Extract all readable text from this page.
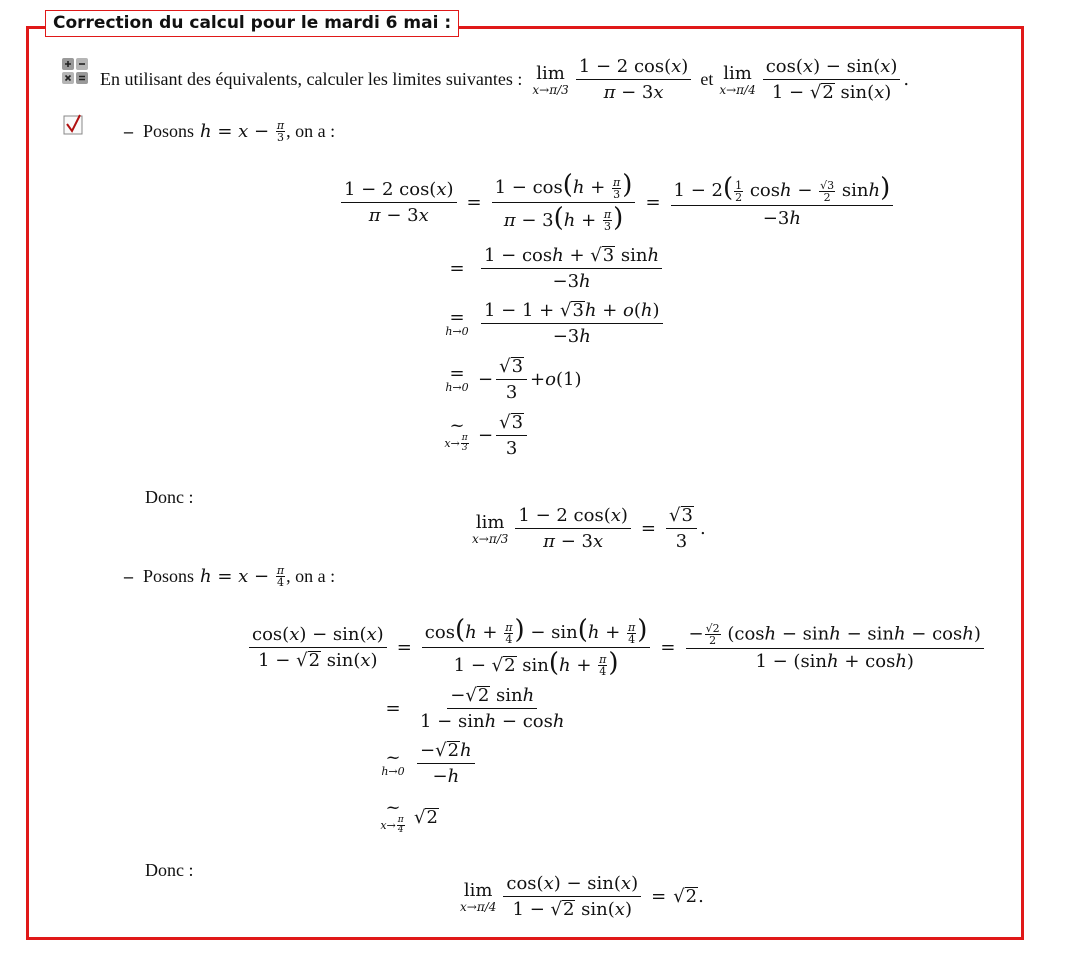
Correction du calcul pour le mardi 6 mai :
En utilisant des équivalents, calculer les limites suivantes : lim
$x\to\pi/3 \frac{1 - 2 \cos(x)}{\pi - 3x}$ et lim
$x\to\pi/4 \frac{\cos(x) - \sin(x)}{1 - √ 2 \sin(x)}$ .
– Posons $h = x - \frac{\pi}{3}$ , on a :
$\frac{1 - 2 \cos(x)}{\pi - 3x} = \frac{1 - \cos(h + \frac{\pi}{3} )}{\pi - 3(h + \frac{\pi}{3} )} = \frac{1 - 2( \frac{1}{2} \cosh - \frac{√3}{2} \sinh)}{-3h}$
= $\frac{1 - \cosh + √ 3 \sinh}{-3h}$
=
$h\to 0 \frac{1 - 1 + √ 3 h + o(h)}{-3h}$
=
$h\to 0 - \frac{√ 3}{3} + o$ (1)
~
$x\to \frac{\pi}{3} - \frac{√ 3}{3}$
Donc :
lim
$x\to\pi/3 \frac{1 - 2 \cos(x)}{\pi - 3x} = \frac{√ 3}{3}$ .
– Posons $h = x - \frac{\pi}{4}$ , on a :
$\frac{\cos(x) - \sin(x)}{1 - √ 2 \sin(x)} = \frac{\cos(h + \frac{\pi}{4} ) - \sin(h + \frac{\pi}{4} )}{1 - √ 2 \sin(h + \frac{\pi}{4} )} = \frac{- \frac{√2}{2} (\cosh - \sinh - \sinh - \cosh)}{1 - (\sinh + \cosh)}$
= $\frac{- √ 2 \sinh}{1 - \sinh - \cosh}$
~
$h\to 0 \frac{- √ 2 h}{-h}$
~
$x\to \frac{\pi}{4}$ √ 2
Donc :
lim
$x\to\pi/4 \frac{\cos(x) - \sin(x)}{1 - √ 2 \sin(x)}$ = √ 2 .
